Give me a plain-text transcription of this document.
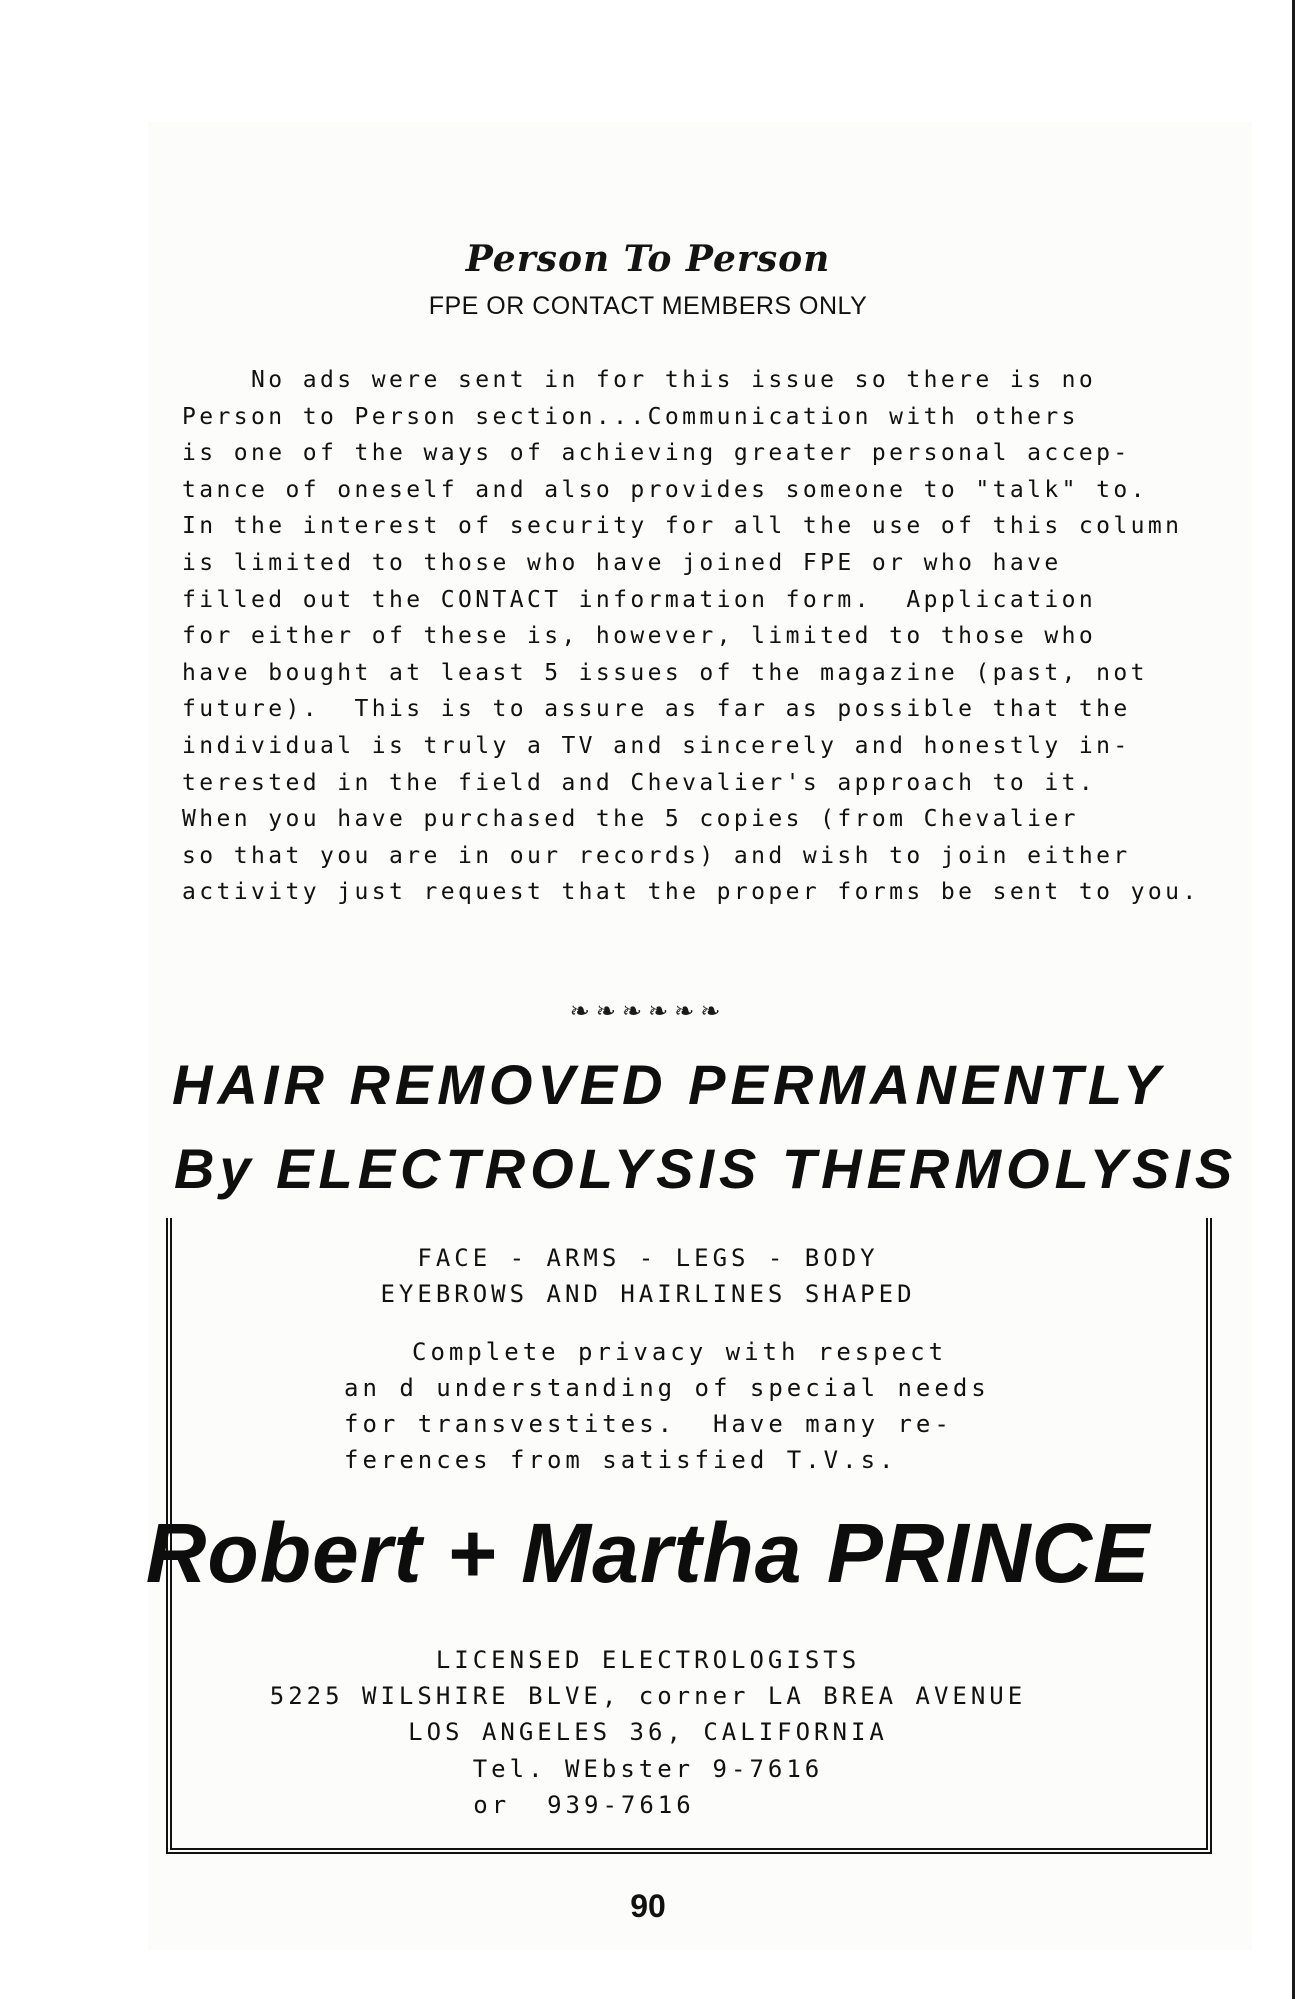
Person To Person
FPE OR CONTACT MEMBERS ONLY
No ads were sent in for this issue so there is no
Person to Person section...Communication with others
is one of the ways of achieving greater personal accep-
tance of oneself and also provides someone to "talk" to.
In the interest of security for all the use of this column
is limited to those who have joined FPE or who have
filled out the CONTACT information form.  Application
for either of these is, however, limited to those who
have bought at least 5 issues of the magazine (past, not
future).  This is to assure as far as possible that the
individual is truly a TV and sincerely and honestly in-
terested in the field and Chevalier's approach to it.
When you have purchased the 5 copies (from Chevalier
so that you are in our records) and wish to join either
activity just request that the proper forms be sent to you.
❧❧❧❧❧❧
HAIR REMOVED PERMANENTLY
By ELECTROLYSIS THERMOLYSIS
FACE - ARMS - LEGS - BODY
EYEBROWS AND HAIRLINES SHAPED
Complete privacy with respect
an d understanding of special needs
for transvestites.  Have many re-
ferences from satisfied T.V.s.
Robert + Martha PRINCE
LICENSED ELECTROLOGISTS
5225 WILSHIRE BLVE, corner LA BREA AVENUE
LOS ANGELES 36, CALIFORNIA
Tel. WEbster 9-7616
or  939-7616
90
